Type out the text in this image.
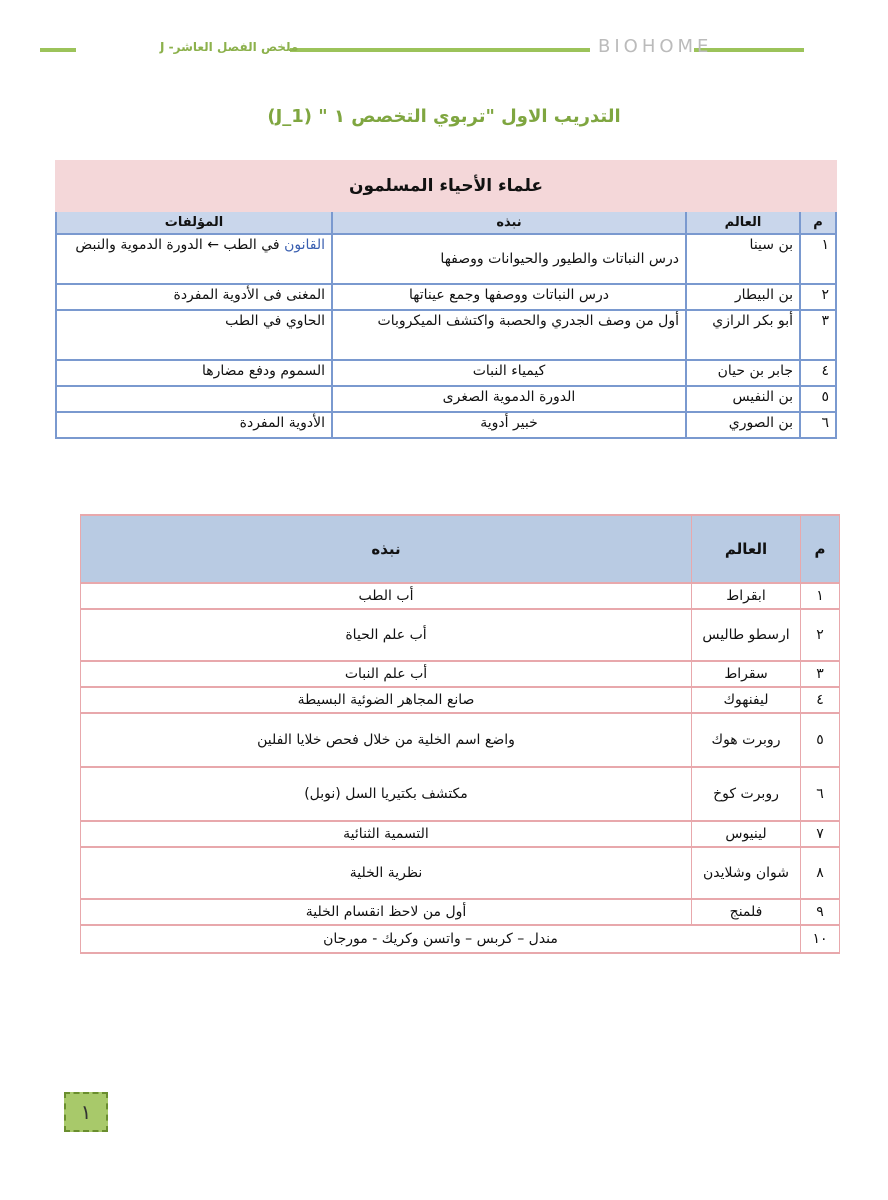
ملخص الفصل العاشر- J	BIOHOME
التدريب الاول "تربوي التخصص ١ " (J_1)
علماء الأحياء المسلمون			
م	العالم	نبذه	المؤلفات
١	بن سينا	درس النباتات والطيور والحيوانات ووصفها	القانون في الطب ← الدورة الدموية والنبض
٢	بن البيطار	درس النباتات ووصفها وجمع عيناتها	المغنى فى الأدوية المفردة
٣	أبو بكر الرازي	أول من وصف الجدري والحصبة واكتشف الميكروبات	الحاوي في الطب
٤	جابر بن حيان	كيمياء النبات	السموم ودفع مضارها
٥	بن النفيس	الدورة الدموية الصغرى	
٦	بن الصوري	خبير أدوية	الأدوية المفردة
م	العالم	نبذه
١	ابقراط	أب الطب
٢	ارسطو طاليس	أب علم الحياة
٣	سقراط	أب علم النبات
٤	ليفنهوك	صانع المجاهر الضوئية البسيطة
٥	روبرت هوك	واضع اسم الخلية من خلال فحص خلايا الفلين
٦	روبرت كوخ	مكتشف بكتيريا السل (نوبل)
٧	لينيوس	التسمية الثنائية
٨	شوان وشلايدن	نظرية الخلية
٩	فلمنج	أول من لاحظ انقسام الخلية
١٠	مندل – كربس – واتسن وكريك - مورجان	
١
